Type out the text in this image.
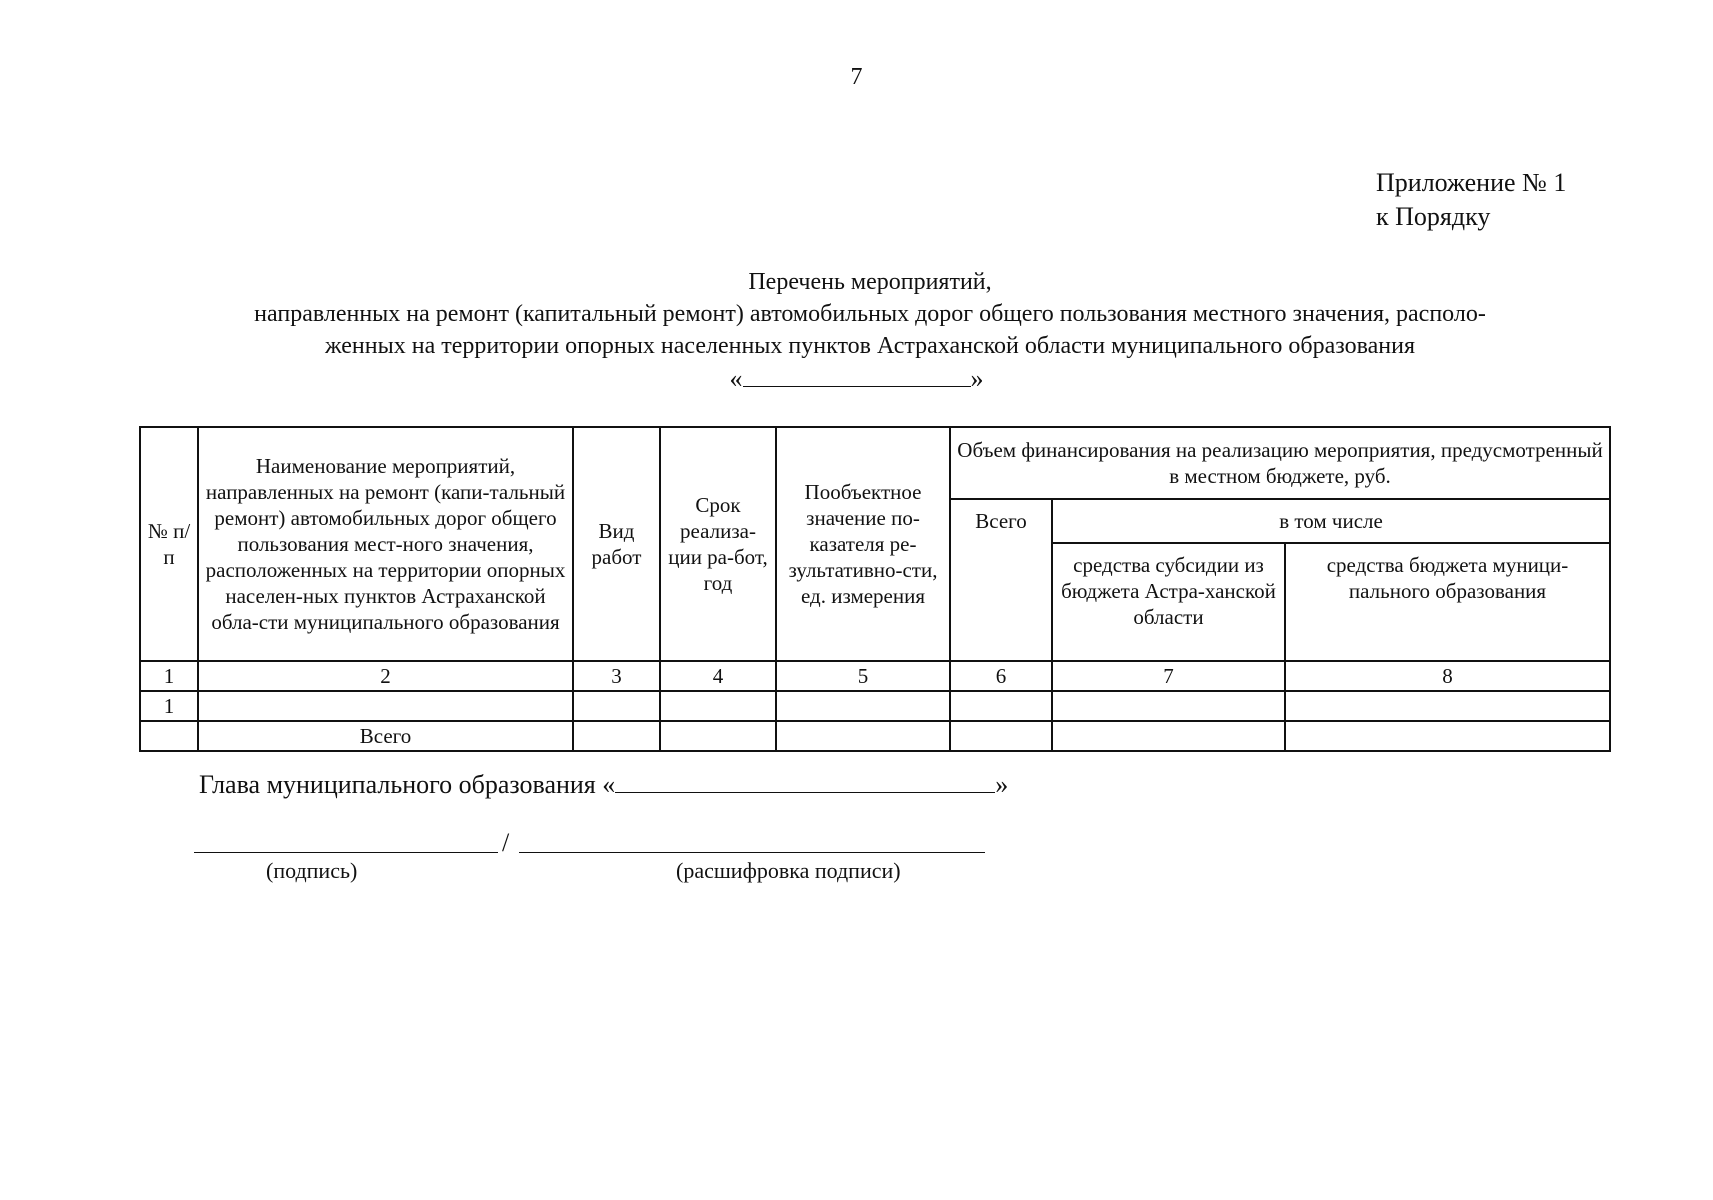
7
Приложение № 1
к Порядку
Перечень мероприятий,
направленных на ремонт (капитальный ремонт) автомобильных дорог общего пользования местного значения, располо-
женных на территории опорных населенных пунктов Астраханской области муниципального образования
«	»
№ п/п	Наименование мероприятий, направленных на ремонт (капи-тальный ремонт) автомобильных дорог общего пользования мест-ного значения, расположенных на территории опорных населен-ных пунктов Астраханской обла-сти муниципального образования	Вид работ	Срок реализа-ции ра-бот, год	Пообъектное значение по-казателя ре-зультативно-сти, ед. измерения	Объем финансирования на реализацию мероприятия, предусмотренный в местном бюджете, руб.		
					Всего	в том числе	
						средства субсидии из бюджета Астра-ханской области	средства бюджета муници-пального образования
1	2	3	4	5	6	7	8
1							
	Всего						
Глава муниципального образования «	»
/
(подпись)	(расшифровка подписи)
